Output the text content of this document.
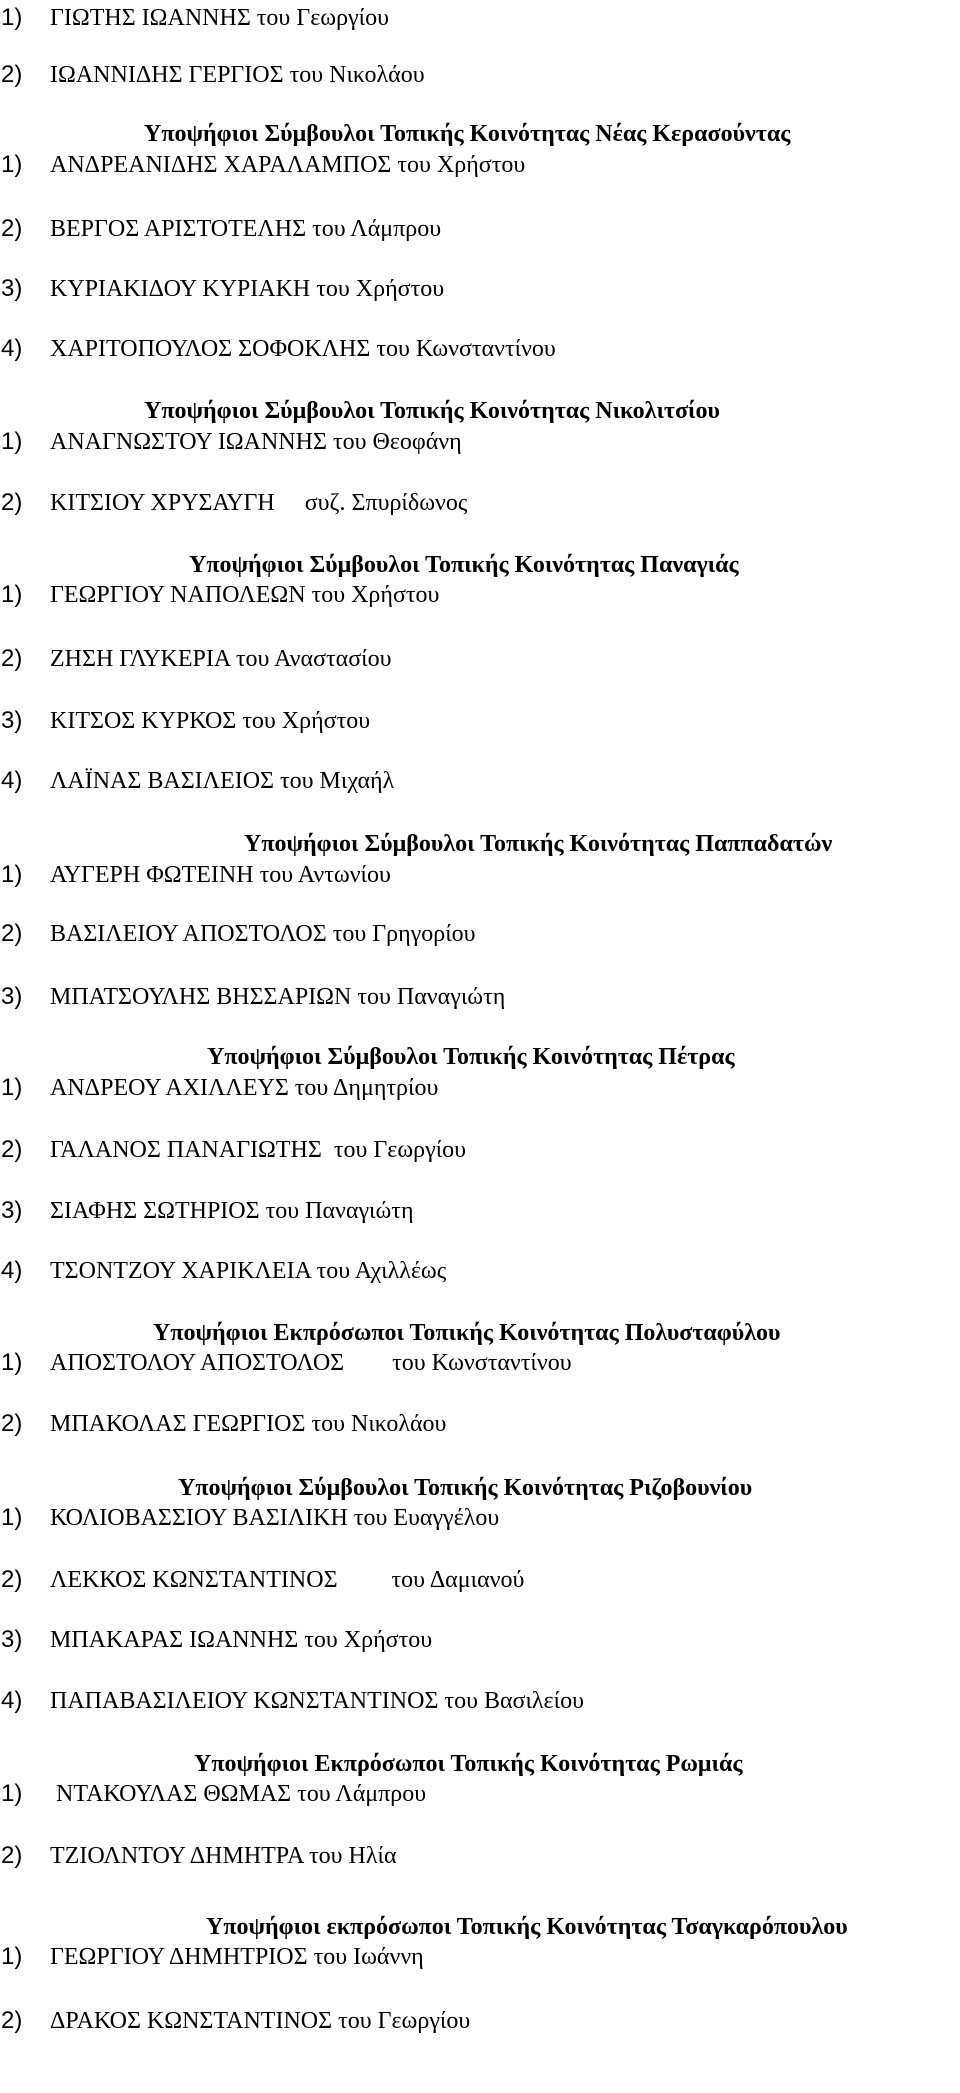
1) ΓΙΩΤΗΣ ΙΩΑΝΝΗΣ του Γεωργίου
2) ΙΩΑΝΝΙΔΗΣ ΓΕΡΓΙΟΣ του Νικολάου
Υποψήφιοι Σύμβουλοι Τοπικής Κοινότητας Νέας Κερασούντας
1) ΑΝΔΡΕΑΝΙΔΗΣ ΧΑΡΑΛΑΜΠΟΣ του Χρήστου
2) ΒΕΡΓΟΣ ΑΡΙΣΤΟΤΕΛΗΣ του Λάμπρου
3) ΚΥΡΙΑΚΙΔΟΥ ΚΥΡΙΑΚΗ του Χρήστου
4) ΧΑΡΙΤΟΠΟΥΛΟΣ ΣΟΦΟΚΛΗΣ του Κωνσταντίνου
Υποψήφιοι Σύμβουλοι Τοπικής Κοινότητας Νικολιτσίου
1) ΑΝΑΓΝΩΣΤΟΥ ΙΩΑΝΝΗΣ του Θεοφάνη
2) ΚΙΤΣΙΟΥ ΧΡΥΣΑΥΓΗ     συζ. Σπυρίδωνος
Υποψήφιοι Σύμβουλοι Τοπικής Κοινότητας Παναγιάς
1) ΓΕΩΡΓΙΟΥ ΝΑΠΟΛΕΩΝ του Χρήστου
2) ΖΗΣΗ ΓΛΥΚΕΡΙΑ του Αναστασίου
3) ΚΙΤΣΟΣ ΚΥΡΚΟΣ του Χρήστου
4) ΛΑΪΝΑΣ ΒΑΣΙΛΕΙΟΣ του Μιχαήλ
Υποψήφιοι Σύμβουλοι Τοπικής Κοινότητας Παππαδατών
1) ΑΥΓΕΡΗ ΦΩΤΕΙΝΗ του Αντωνίου
2) ΒΑΣΙΛΕΙΟΥ ΑΠΟΣΤΟΛΟΣ του Γρηγορίου
3) ΜΠΑΤΣΟΥΛΗΣ ΒΗΣΣΑΡΙΩΝ του Παναγιώτη
Υποψήφιοι Σύμβουλοι Τοπικής Κοινότητας Πέτρας
1) ΑΝΔΡΕΟΥ ΑΧΙΛΛΕΥΣ του Δημητρίου
2) ΓΑΛΑΝΟΣ ΠΑΝΑΓΙΩΤΗΣ  του Γεωργίου
3) ΣΙΑΦΗΣ ΣΩΤΗΡΙΟΣ του Παναγιώτη
4) ΤΣΟΝΤΖΟΥ ΧΑΡΙΚΛΕΙΑ του Αχιλλέως
Υποψήφιοι Εκπρόσωποι Τοπικής Κοινότητας Πολυσταφύλου
1) ΑΠΟΣΤΟΛΟΥ ΑΠΟΣΤΟΛΟΣ        του Κωνσταντίνου
2) ΜΠΑΚΟΛΑΣ ΓΕΩΡΓΙΟΣ του Νικολάου
Υποψήφιοι Σύμβουλοι Τοπικής Κοινότητας Ριζοβουνίου
1) ΚΟΛΙΟΒΑΣΣΙΟΥ ΒΑΣΙΛΙΚΗ του Ευαγγέλου
2) ΛΕΚΚΟΣ ΚΩΝΣΤΑΝΤΙΝΟΣ         του Δαμιανού
3) ΜΠΑΚΑΡΑΣ ΙΩΑΝΝΗΣ του Χρήστου
4) ΠΑΠΑΒΑΣΙΛΕΙΟΥ ΚΩΝΣΤΑΝΤΙΝΟΣ του Βασιλείου
Υποψήφιοι Εκπρόσωποι Τοπικής Κοινότητας Ρωμιάς
1) ΝΤΑΚΟΥΛΑΣ ΘΩΜΑΣ του Λάμπρου
2) ΤΖΙΟΛΝΤΟΥ ΔΗΜΗΤΡΑ του Ηλία
Υποψήφιοι εκπρόσωποι Τοπικής Κοινότητας Τσαγκαρόπουλου
1) ΓΕΩΡΓΙΟΥ ΔΗΜΗΤΡΙΟΣ του Ιωάννη
2) ΔΡΑΚΟΣ ΚΩΝΣΤΑΝΤΙΝΟΣ του Γεωργίου
